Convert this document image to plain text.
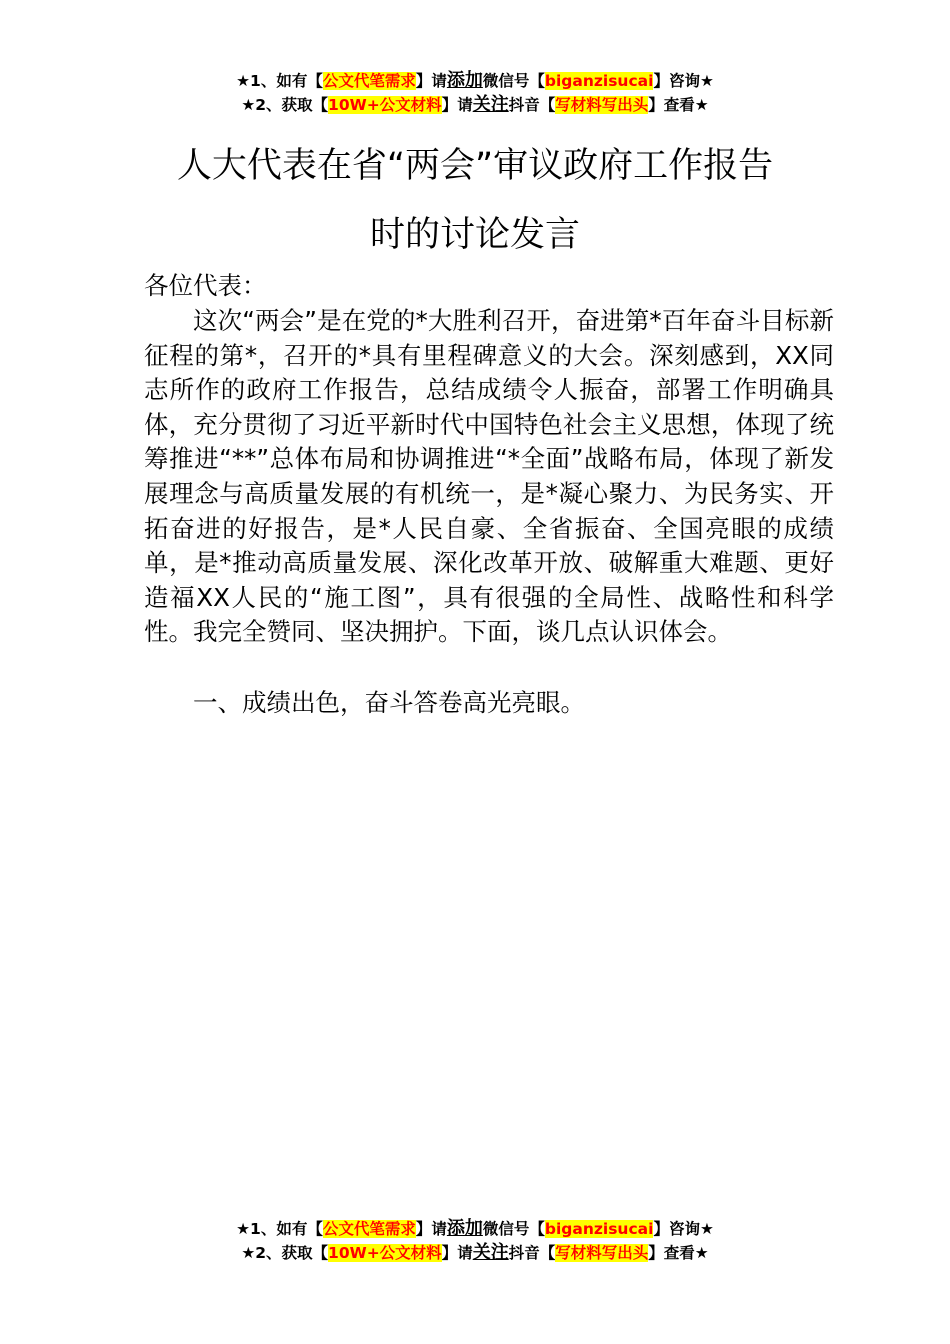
★1、如有【公文代笔需求】请添加微信号【biganzisucai】咨询★
★2、获取【10W+公文材料】请关注抖音【写材料写出头】查看★
人大代表在省“两会”审议政府工作报告
时的讨论发言
各位代表：
这次“两会”是在党的*大胜利召开，奋进第*百年奋斗目标新征程的第*，召开的*具有里程碑意义的大会。深刻感到，XX同志所作的政府工作报告，总结成绩令人振奋，部署工作明确具体，充分贯彻了习近平新时代中国特色社会主义思想，体现了统筹推进“**”总体布局和协调推进“*全面”战略布局，体现了新发展理念与高质量发展的有机统一，是*凝心聚力、为民务实、开拓奋进的好报告，是*人民自豪、全省振奋、全国亮眼的成绩单，是*推动高质量发展、深化改革开放、破解重大难题、更好造福XX人民的“施工图”，具有很强的全局性、战略性和科学性。我完全赞同、坚决拥护。下面，谈几点认识体会。
一、成绩出色，奋斗答卷高光亮眼。
★1、如有【公文代笔需求】请添加微信号【biganzisucai】咨询★
★2、获取【10W+公文材料】请关注抖音【写材料写出头】查看★
